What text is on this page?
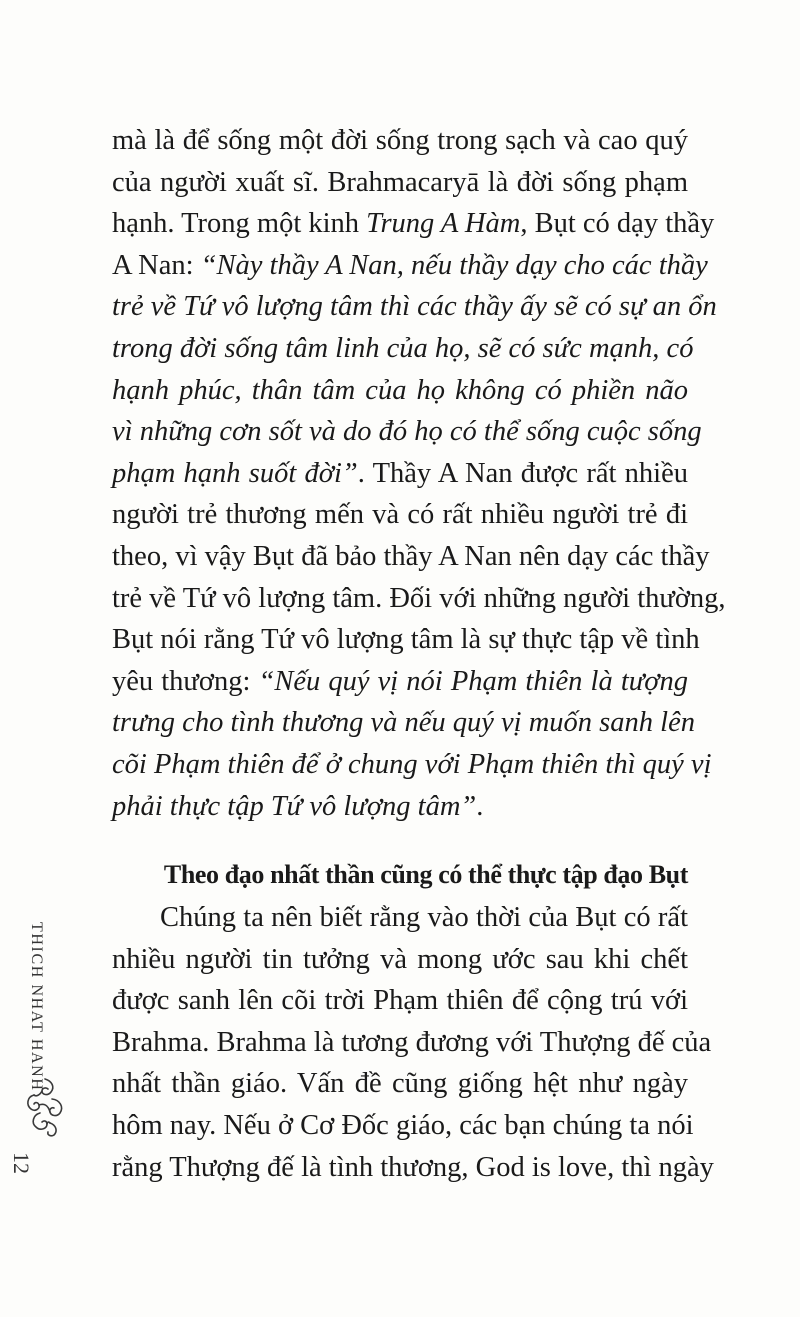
mà là để sống một đời sống trong sạch và cao quý
của người xuất sĩ. Brahmacaryā là đời sống phạm
hạnh. Trong một kinh Trung A Hàm, Bụt có dạy thầy
A Nan: “Này thầy A Nan, nếu thầy dạy cho các thầy
trẻ về Tứ vô lượng tâm thì các thầy ấy sẽ có sự an ổn
trong đời sống tâm linh của họ, sẽ có sức mạnh, có
hạnh phúc, thân tâm của họ không có phiền não
vì những cơn sốt và do đó họ có thể sống cuộc sống
phạm hạnh suốt đời”. Thầy A Nan được rất nhiều
người trẻ thương mến và có rất nhiều người trẻ đi
theo, vì vậy Bụt đã bảo thầy A Nan nên dạy các thầy
trẻ về Tứ vô lượng tâm. Đối với những người thường,
Bụt nói rằng Tứ vô lượng tâm là sự thực tập về tình
yêu thương: “Nếu quý vị nói Phạm thiên là tượng
trưng cho tình thương và nếu quý vị muốn sanh lên
cõi Phạm thiên để ở chung với Phạm thiên thì quý vị
phải thực tập Tứ vô lượng tâm”.
Theo đạo nhất thần cũng có thể thực tập đạo Bụt
Chúng ta nên biết rằng vào thời của Bụt có rất
nhiều người tin tưởng và mong ước sau khi chết
được sanh lên cõi trời Phạm thiên để cộng trú với
Brahma. Brahma là tương đương với Thượng đế của
nhất thần giáo. Vấn đề cũng giống hệt như ngày
hôm nay. Nếu ở Cơ Đốc giáo, các bạn chúng ta nói
rằng Thượng đế là tình thương, God is love, thì ngày
THICH NHAT HANH
12
